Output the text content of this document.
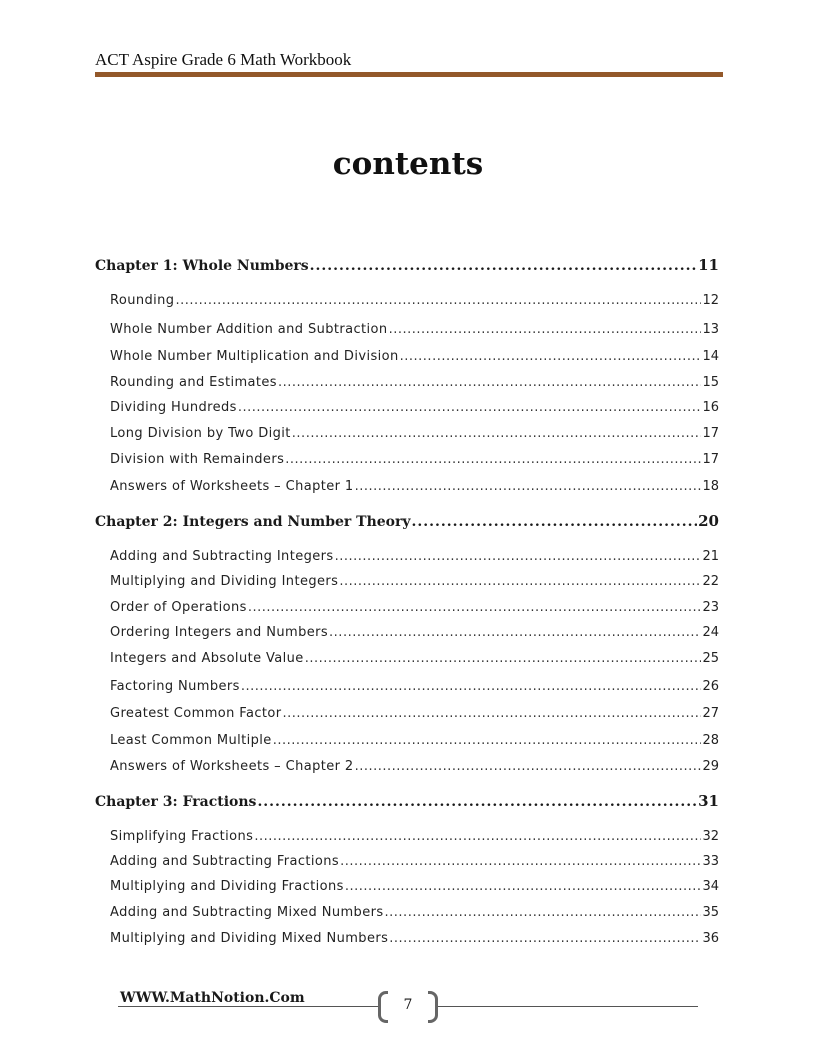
ACT Aspire Grade 6 Math Workbook
contents
Chapter 1: Whole Numbers .....	11
Rounding .....	12
Whole Number Addition and Subtraction .....	13
Whole Number Multiplication and Division .....	14
Rounding and Estimates .....	15
Dividing Hundreds .....	16
Long Division by Two Digit .....	17
Division with Remainders .....	17
Answers of Worksheets – Chapter 1 .....	18
Chapter 2: Integers and Number Theory .....	20
Adding and Subtracting Integers .....	21
Multiplying and Dividing Integers .....	22
Order of Operations .....	23
Ordering Integers and Numbers .....	24
Integers and Absolute Value .....	25
Factoring Numbers .....	26
Greatest Common Factor .....	27
Least Common Multiple .....	28
Answers of Worksheets – Chapter 2 .....	29
Chapter 3: Fractions .....	31
Simplifying Fractions .....	32
Adding and Subtracting Fractions .....	33
Multiplying and Dividing Fractions .....	34
Adding and Subtracting Mixed Numbers .....	35
Multiplying and Dividing Mixed Numbers .....	36
WWW.MathNotion.Com	7
